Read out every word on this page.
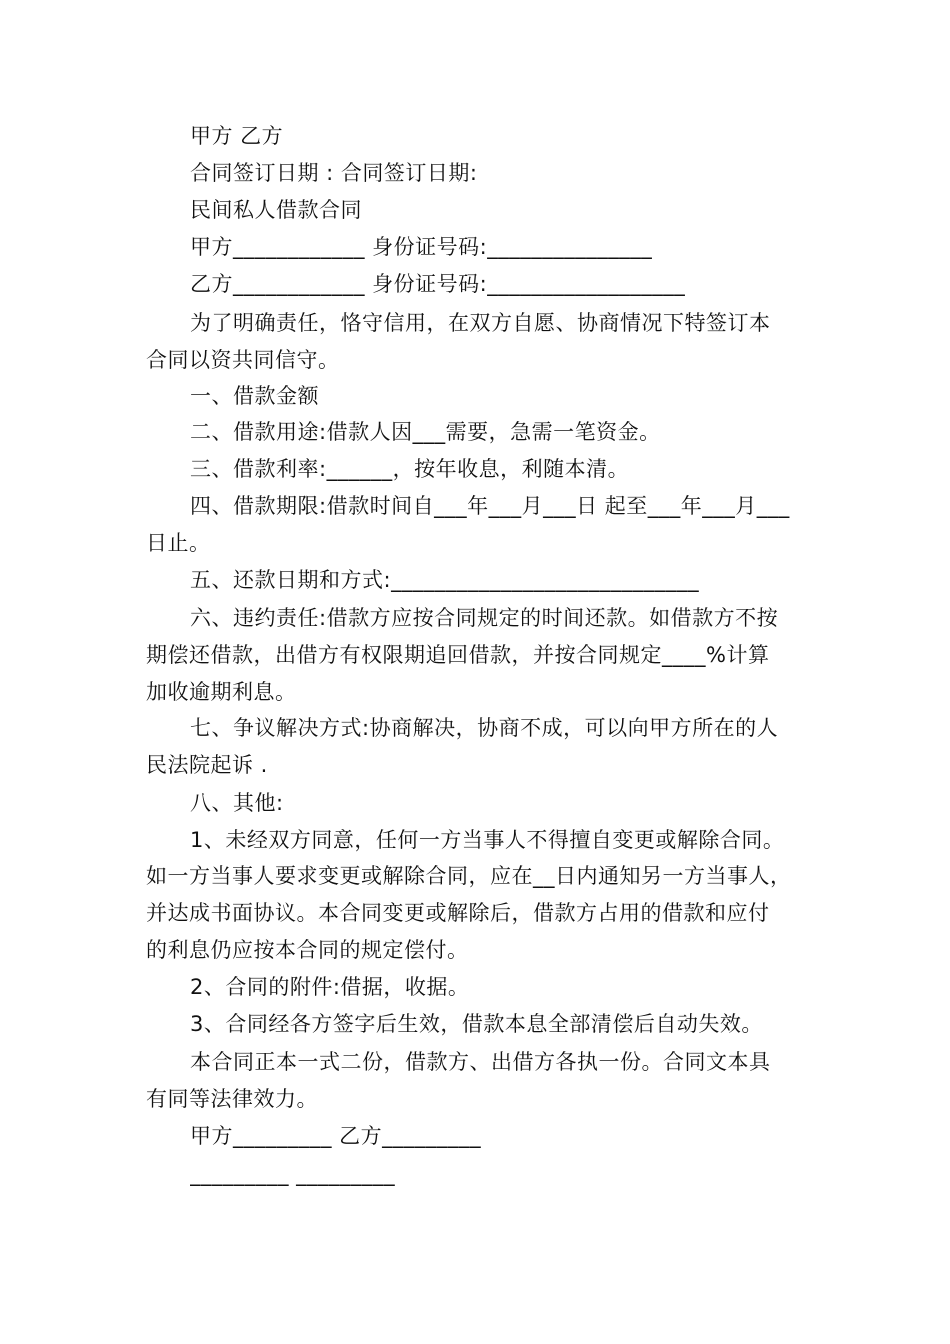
甲方 乙方
合同签订日期 : 合同签订日期:
民间私人借款合同
甲方____________ 身份证号码:_______________
乙方____________ 身份证号码:__________________
为了明确责任，恪守信用，在双方自愿、协商情况下特签订本
合同以资共同信守。
一、借款金额
二、借款用途:借款人因___需要，急需一笔资金。
三、借款利率:______，按年收息，利随本清。
四、借款期限:借款时间自___年___月___日 起至___年___月___
日止。
五、还款日期和方式:____________________________
六、违约责任:借款方应按合同规定的时间还款。如借款方不按
期偿还借款，出借方有权限期追回借款，并按合同规定____%计算
加收逾期利息。
七、争议解决方式:协商解决，协商不成，可以向甲方所在的人
民法院起诉 .
八、其他:
1、未经双方同意，任何一方当事人不得擅自变更或解除合同。
如一方当事人要求变更或解除合同，应在__日内通知另一方当事人，
并达成书面协议。本合同变更或解除后，借款方占用的借款和应付
的利息仍应按本合同的规定偿付。
2、合同的附件:借据，收据。
3、合同经各方签字后生效，借款本息全部清偿后自动失效。
本合同正本一式二份，借款方、出借方各执一份。合同文本具
有同等法律效力。
甲方_________ 乙方_________
_________ _________
